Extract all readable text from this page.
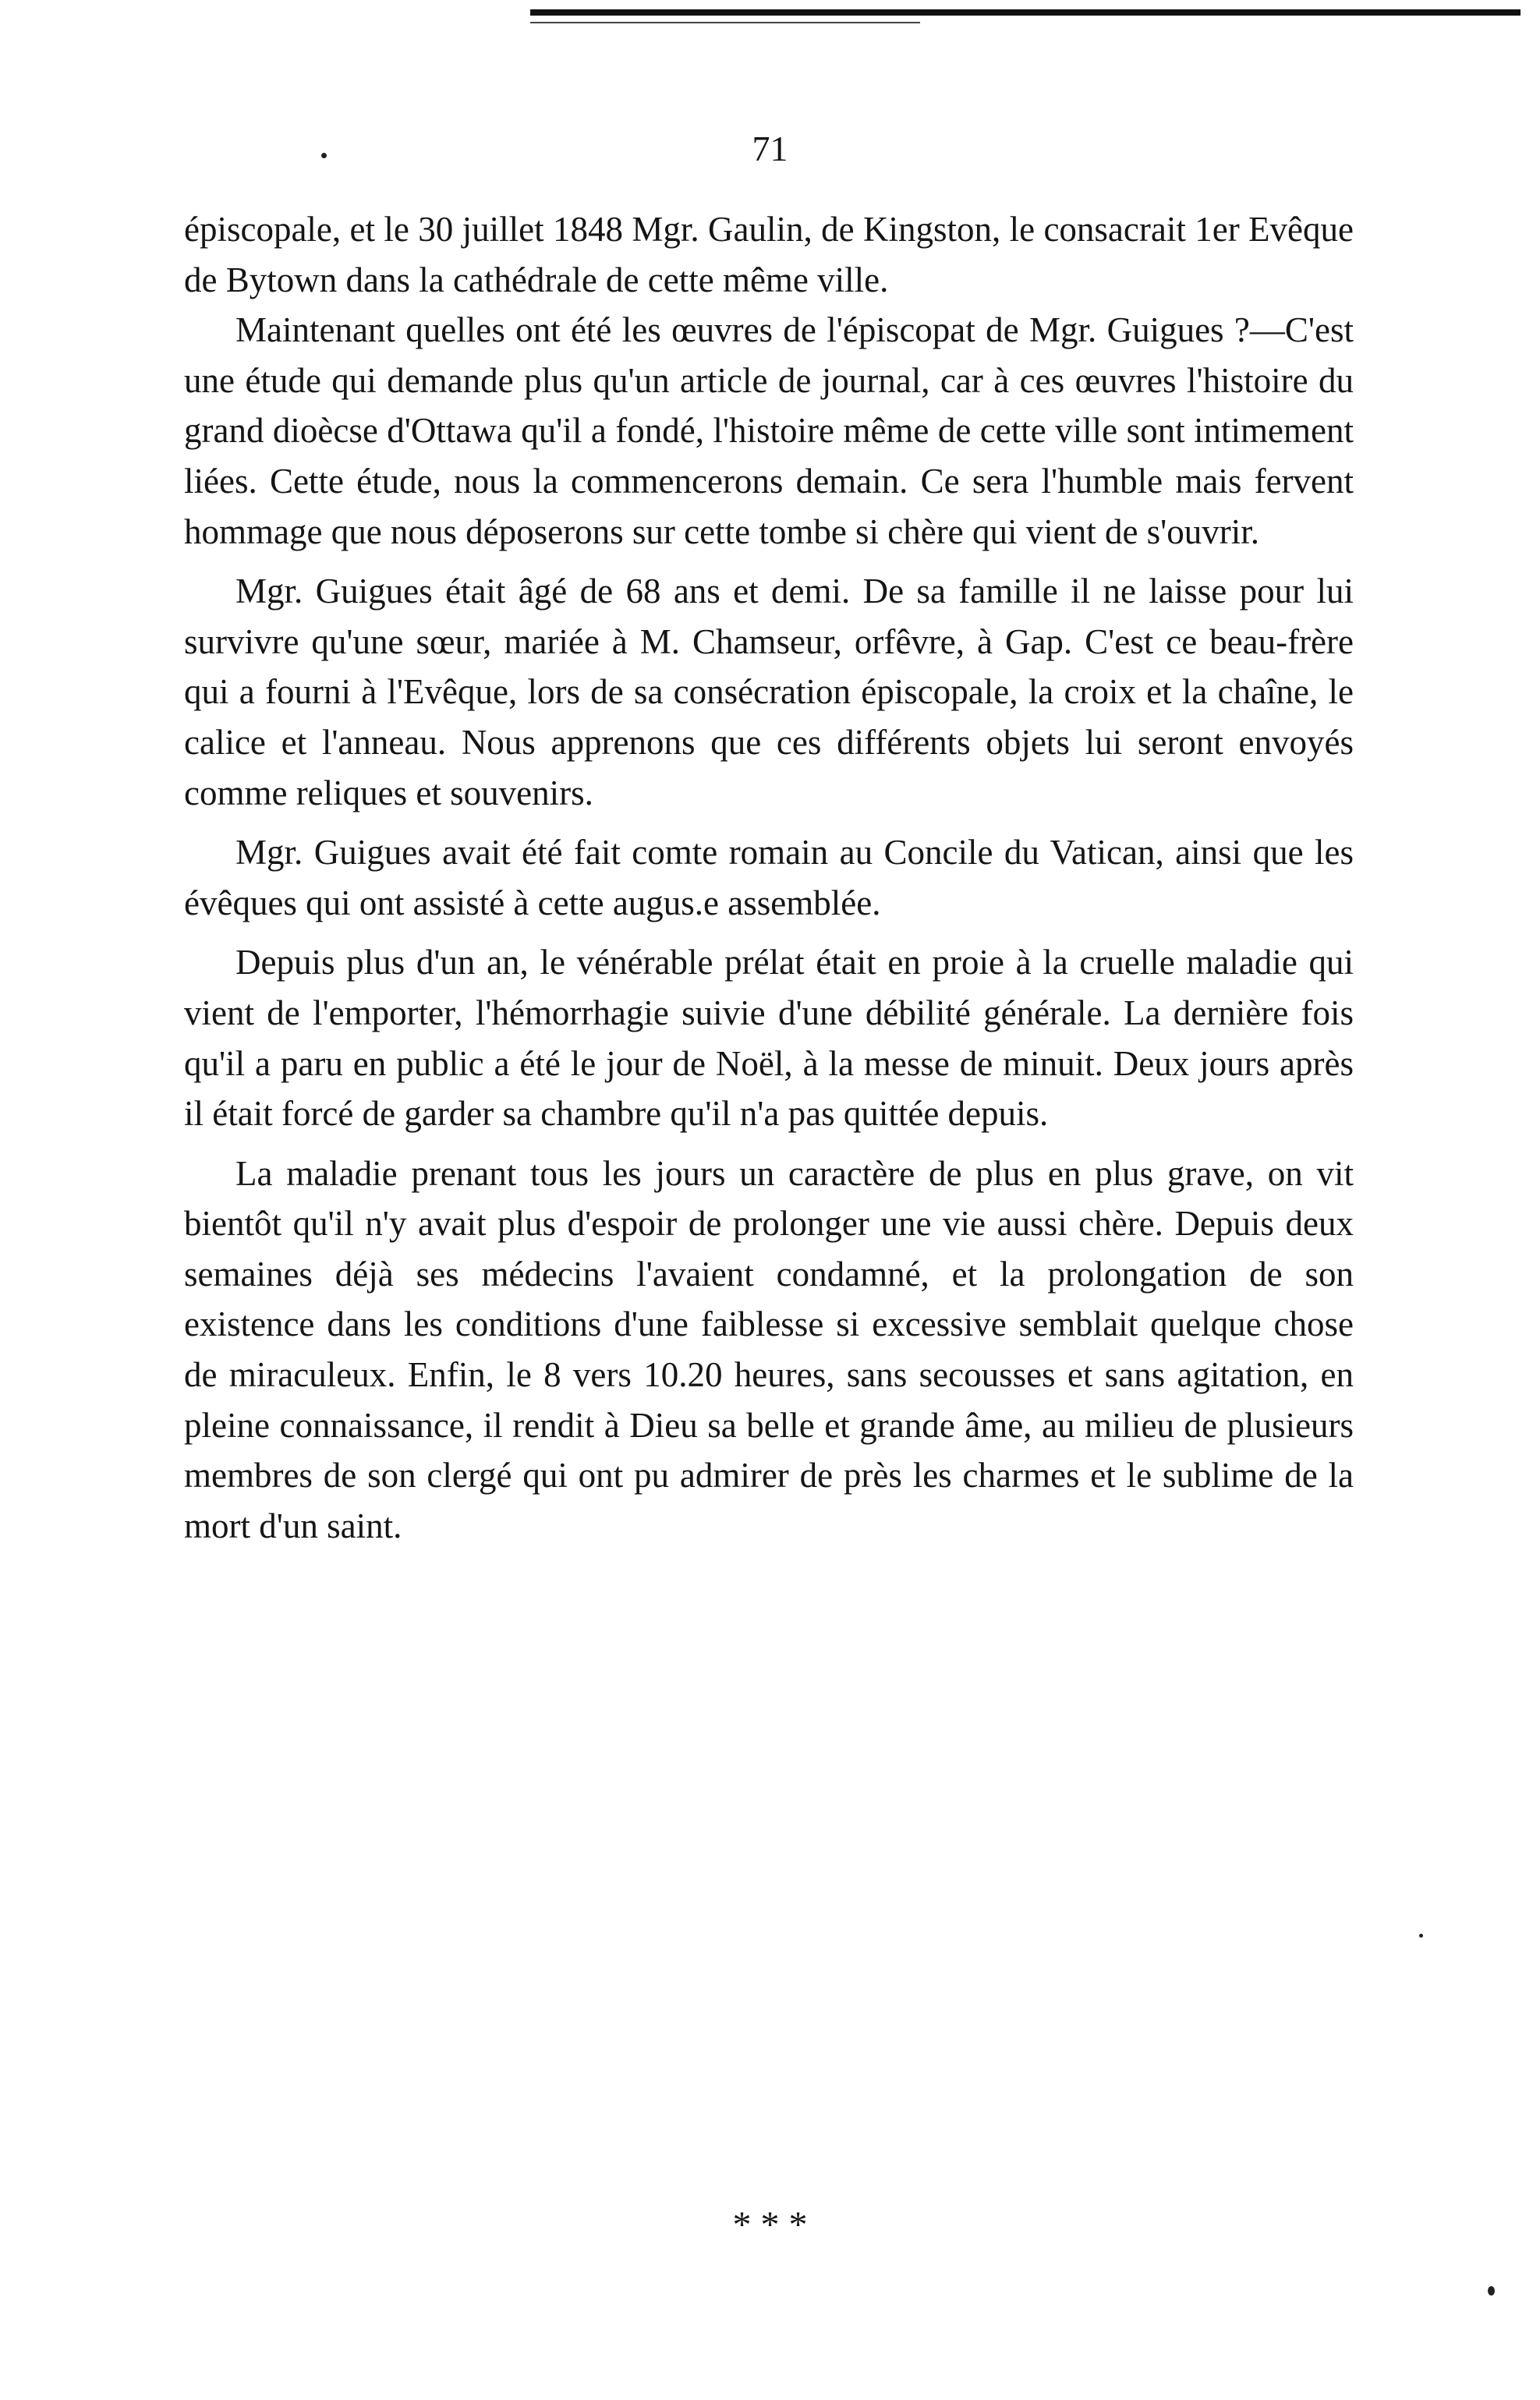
71

épiscopale, et le 30 juillet 1848 Mgr. Gaulin, de Kingston, le consacrait 1er Evêque de Bytown dans la cathédrale de cette même ville.

Maintenant quelles ont été les œuvres de l'épiscopat de Mgr. Guigues ?—C'est une étude qui demande plus qu'un article de journal, car à ces œuvres l'histoire du grand dioècse d'Ottawa qu'il a fondé, l'histoire même de cette ville sont intimement liées. Cette étude, nous la commencerons demain. Ce sera l'humble mais fervent hommage que nous déposerons sur cette tombe si chère qui vient de s'ouvrir.

Mgr. Guigues était âgé de 68 ans et demi. De sa famille il ne laisse pour lui survivre qu'une sœur, mariée à M. Chamseur, orfêvre, à Gap. C'est ce beau-frère qui a fourni à l'Evêque, lors de sa consécration épiscopale, la croix et la chaîne, le calice et l'anneau. Nous apprenons que ces différents objets lui seront envoyés comme reliques et souvenirs.

Mgr. Guigues avait été fait comte romain au Concile du Vatican, ainsi que les évêques qui ont assisté à cette augus.e assemblée.

Depuis plus d'un an, le vénérable prélat était en proie à la cruelle maladie qui vient de l'emporter, l'hémorrhagie suivie d'une débilité générale. La dernière fois qu'il a paru en public a été le jour de Noël, à la messe de minuit. Deux jours après il était forcé de garder sa chambre qu'il n'a pas quittée depuis.

La maladie prenant tous les jours un caractère de plus en plus grave, on vit bientôt qu'il n'y avait plus d'espoir de prolonger une vie aussi chère. Depuis deux semaines déjà ses médecins l'avaient condamné, et la prolongation de son existence dans les conditions d'une faiblesse si excessive semblait quelque chose de miraculeux. Enfin, le 8 vers 10.20 heures, sans secousses et sans agitation, en pleine connaissance, il rendit à Dieu sa belle et grande âme, au milieu de plusieurs membres de son clergé qui ont pu admirer de près les charmes et le sublime de la mort d'un saint.

* * *
